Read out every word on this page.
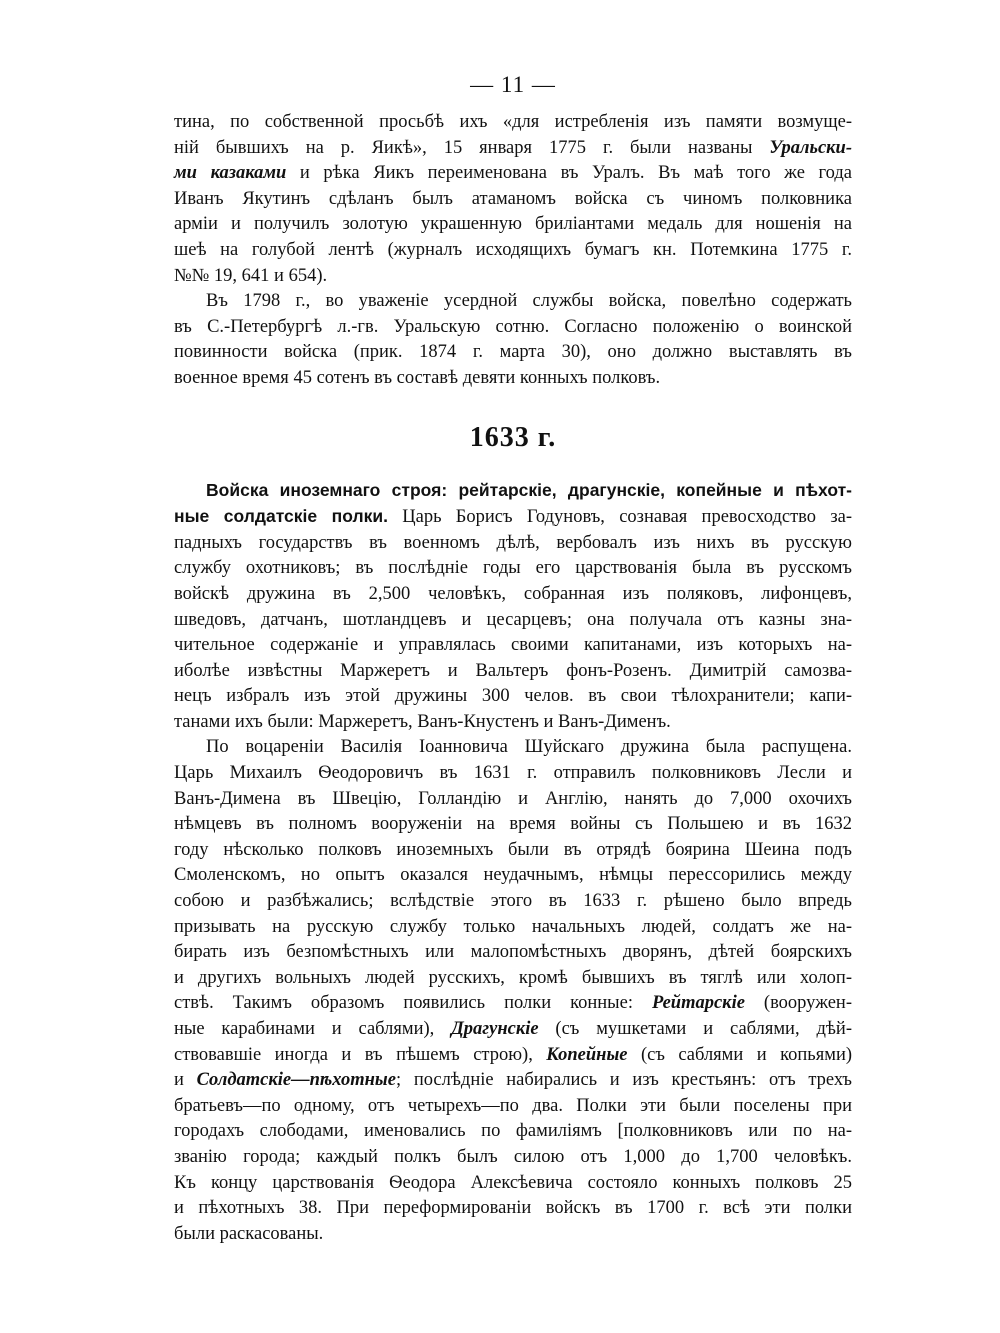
— 11 —
тина, по собственной просьбѣ ихъ «для истребленія изъ памяти возмуще-
ній бывшихъ на р. Яикѣ», 15 января 1775 г. были названы Уральски-
ми казаками и рѣка Яикъ переименована въ Уралъ. Въ маѣ того же года
Иванъ Якутинъ сдѣланъ былъ атаманомъ войска съ чиномъ полковника
арміи и получилъ золотую украшенную бриліантами медаль для ношенія на
шеѣ на голубой лентѣ (журналъ исходящихъ бумагъ кн. Потемкина 1775 г.
№№ 19, 641 и 654).
Въ 1798 г., во уваженіе усердной службы войска, повелѣно содержать
въ С.-Петербургѣ л.-гв. Уральскую сотню. Согласно положенію о воинской
повинности войска (прик. 1874 г. марта 30), оно должно выставлять въ
военное время 45 сотенъ въ составѣ девяти конныхъ полковъ.
1633 г.
Войска иноземнаго строя: рейтарскіе, драгунскіе, копейные и пѣхот-
ные солдатскіе полки. Царь Борисъ Годуновъ, сознавая превосходство за-
падныхъ государствъ въ военномъ дѣлѣ, вербовалъ изъ нихъ въ русскую
службу охотниковъ; въ послѣдніе годы его царствованія была въ русскомъ
войскѣ дружина въ 2,500 человѣкъ, собранная изъ поляковъ, лифонцевъ,
шведовъ, датчанъ, шотландцевъ и цесарцевъ; она получала отъ казны зна-
чительное содержаніе и управлялась своими капитанами, изъ которыхъ на-
иболѣе извѣстны Маржеретъ и Вальтеръ фонъ-Розенъ. Димитрій самозва-
нецъ избралъ изъ этой дружины 300 челов. въ свои тѣлохранители; капи-
танами ихъ были: Маржеретъ, Ванъ-Кнустенъ и Ванъ-Дименъ.
По воцареніи Василія Іоанновича Шуйскаго дружина была распущена.
Царь Михаилъ Ѳеодоровичъ въ 1631 г. отправилъ полковниковъ Лесли и
Ванъ-Димена въ Швецію, Голландію и Англію, нанять до 7,000 охочихъ
нѣмцевъ въ полномъ вооруженіи на время войны съ Польшею и въ 1632
году нѣсколько полковъ иноземныхъ были въ отрядѣ боярина Шеина подъ
Смоленскомъ, но опытъ оказался неудачнымъ, нѣмцы перессорились между
собою и разбѣжались; вслѣдствіе этого въ 1633 г. рѣшено было впредь
призывать на русскую службу только начальныхъ людей, солдатъ же на-
бирать изъ безпомѣстныхъ или малопомѣстныхъ дворянъ, дѣтей боярскихъ
и другихъ вольныхъ людей русскихъ, кромѣ бывшихъ въ тяглѣ или холоп-
ствѣ. Такимъ образомъ появились полки конные: Рейтарскіе (вооружен-
ные карабинами и саблями), Драгунскіе (съ мушкетами и саблями, дѣй-
ствовавшіе иногда и въ пѣшемъ строю), Копейные (съ саблями и копьями)
и Солдатскіе—пѣхотные; послѣдніе набирались и изъ крестьянъ: отъ трехъ
братьевъ—по одному, отъ четырехъ—по два. Полки эти были поселены при
городахъ слободами, именовались по фамиліямъ [полковниковъ или по на-
званію города; каждый полкъ былъ силою отъ 1,000 до 1,700 человѣкъ.
Къ концу царствованія Ѳеодора Алексѣевича состояло конныхъ полковъ 25
и пѣхотныхъ 38. При переформированіи войскъ въ 1700 г. всѣ эти полки
были раскасованы.
